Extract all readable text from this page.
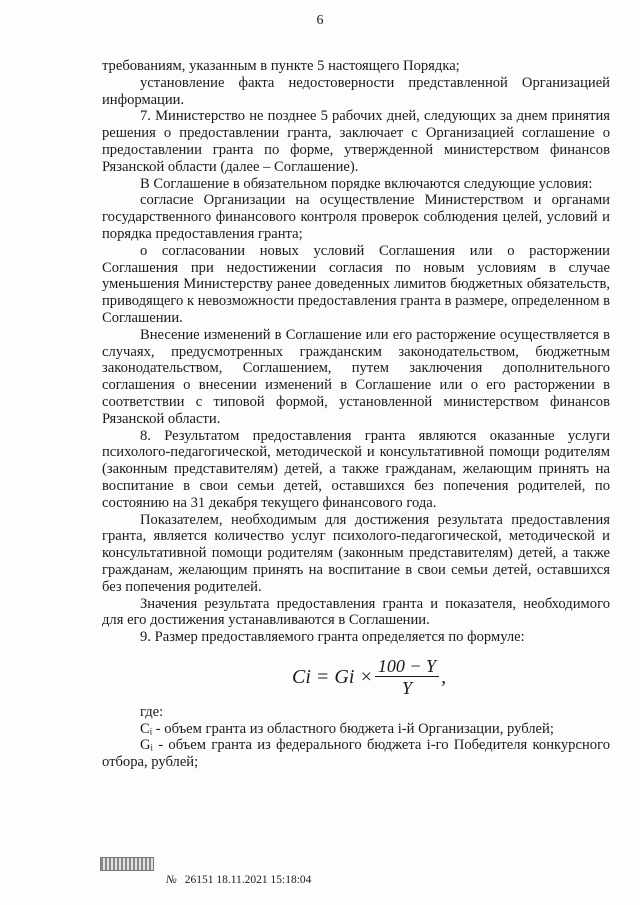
6

требованиям, указанным в пункте 5 настоящего Порядка;

установление факта недостоверности представленной Организацией информации.

7. Министерство не позднее 5 рабочих дней, следующих за днем принятия решения о предоставлении гранта, заключает с Организацией соглашение о предоставлении гранта по форме, утвержденной министерством финансов Рязанской области (далее – Соглашение).

В Соглашение в обязательном порядке включаются следующие условия:

согласие Организации на осуществление Министерством и органами государственного финансового контроля проверок соблюдения целей, условий и порядка предоставления гранта;

о согласовании новых условий Соглашения или о расторжении Соглашения при недостижении согласия по новым условиям в случае уменьшения Министерству ранее доведенных лимитов бюджетных обязательств, приводящего к невозможности предоставления гранта в размере, определенном в Соглашении.

Внесение изменений в Соглашение или его расторжение осуществляется в случаях, предусмотренных гражданским законодательством, бюджетным законодательством, Соглашением, путем заключения дополнительного соглашения о внесении изменений в Соглашение или о его расторжении в соответствии с типовой формой, установленной министерством финансов Рязанской области.

8. Результатом предоставления гранта являются оказанные услуги психолого-педагогической, методической и консультативной помощи родителям (законным представителям) детей, а также гражданам, желающим принять на воспитание в свои семьи детей, оставшихся без попечения родителей, по состоянию на 31 декабря текущего финансового года.

Показателем, необходимым для достижения результата предоставления гранта, является количество услуг психолого-педагогической, методической и консультативной помощи родителям (законным представителям) детей, а также гражданам, желающим принять на воспитание в свои семьи детей, оставшихся без попечения родителей.

Значения результата предоставления гранта и показателя, необходимого для его достижения устанавливаются в Соглашении.

9. Размер предоставляемого гранта определяется по формуле:

$Ci = Gi \times \frac{100 - Y}{Y}$ ,

где:

Cᵢ - объем гранта из областного бюджета i-й Организации, рублей;

Gᵢ - объем гранта из федерального бюджета i-го Победителя конкурсного отбора, рублей;

№ 26151 18.11.2021 15:18:04
